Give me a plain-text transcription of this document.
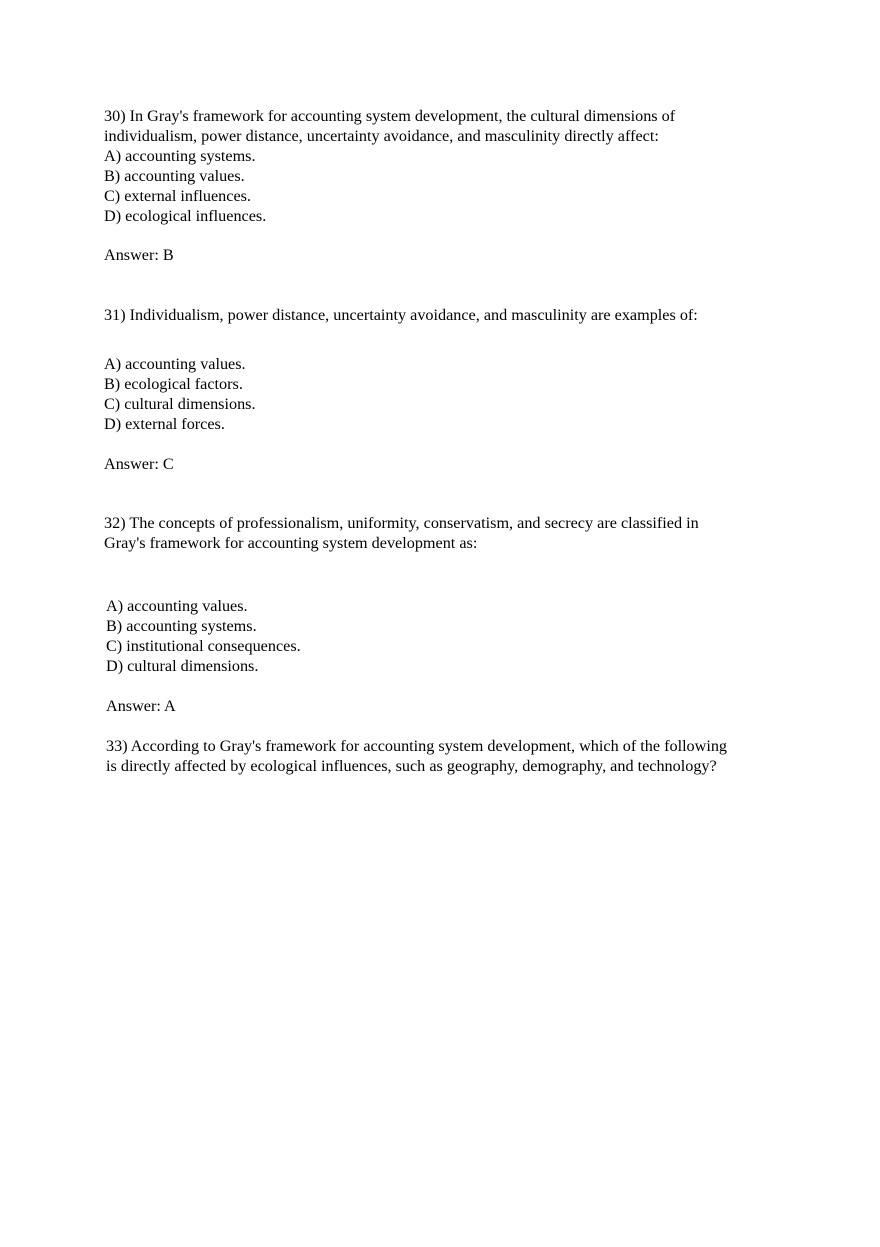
30) In Gray's framework for accounting system development, the cultural dimensions of
individualism, power distance, uncertainty avoidance, and masculinity directly affect:
A) accounting systems.
B) accounting values.
C) external influences.
D) ecological influences.
Answer: B
31) Individualism, power distance, uncertainty avoidance, and masculinity are examples of:
A) accounting values.
B) ecological factors.
C) cultural dimensions.
D) external forces.
Answer: C
32) The concepts of professionalism, uniformity, conservatism, and secrecy are classified in
Gray's framework for accounting system development as:
A) accounting values.
B) accounting systems.
C) institutional consequences.
D) cultural dimensions.
Answer: A
33) According to Gray's framework for accounting system development, which of the following
is directly affected by ecological influences, such as geography, demography, and technology?
